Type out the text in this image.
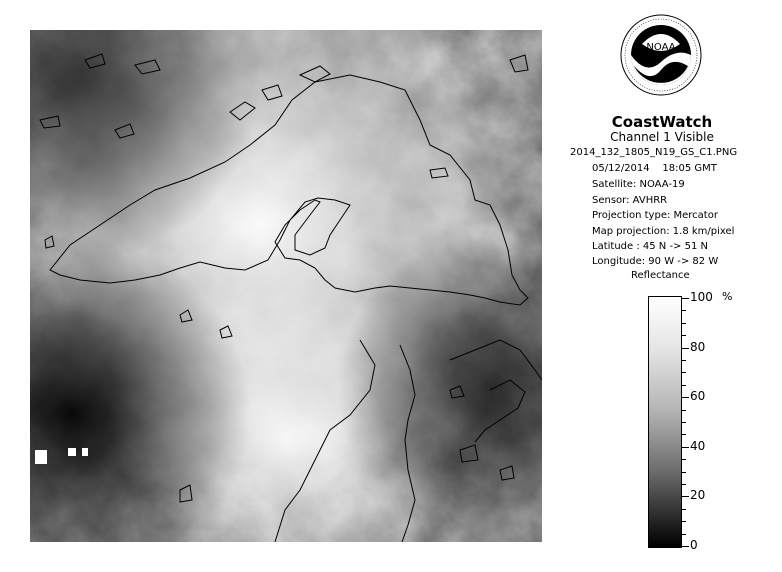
NOAA
CoastWatch
Channel 1 Visible
2014_132_1805_N19_GS_C1.PNG
05/12/2014 18:05 GMT
Satellite: NOAA-19
Sensor: AVHRR
Projection type: Mercator
Map projection: 1.8 km/pixel
Latitude : 45 N -> 51 N
Longitude: 90 W -> 82 W
Reflectance
%
100
80
60
40
20
0
